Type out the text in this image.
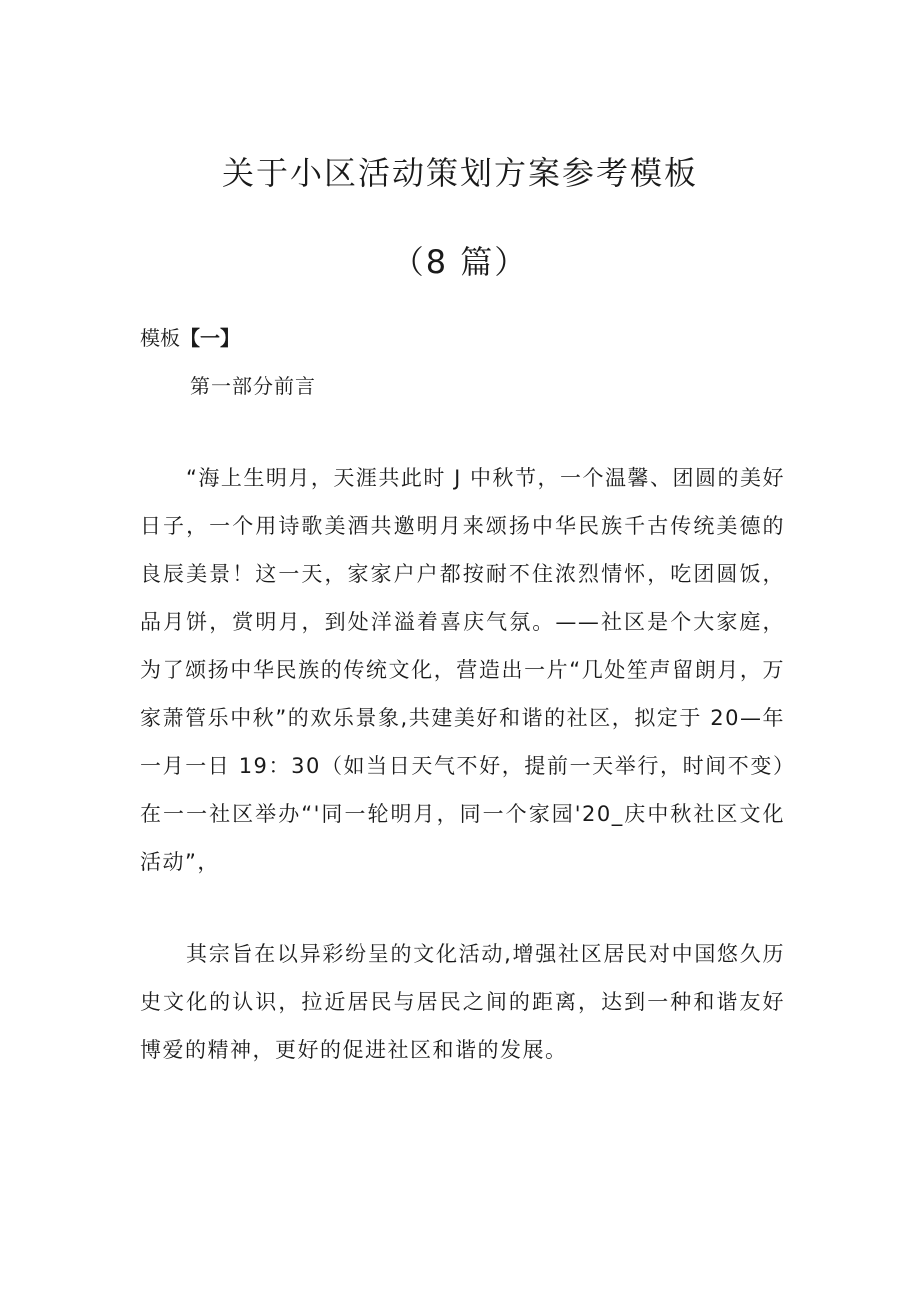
关于小区活动策划方案参考模板
（8 篇）

模板【一】

第一部分前言

“海上生明月，天涯共此时 J 中秋节，一个温馨、团圆的美好日子，一个用诗歌美酒共邀明月来颂扬中华民族千古传统美德的良辰美景！这一天，家家户户都按耐不住浓烈情怀，吃团圆饭，品月饼，赏明月，到处洋溢着喜庆气氛。——社区是个大家庭，为了颂扬中华民族的传统文化，营造出一片“几处笙声留朗月，万家萧管乐中秋”的欢乐景象,共建美好和谐的社区，拟定于 20—年一月一日 19：30（如当日天气不好，提前一天举行，时间不变）在一一社区举办“'同一轮明月，同一个家园'20_庆中秋社区文化活动”，

其宗旨在以异彩纷呈的文化活动,增强社区居民对中国悠久历史文化的认识，拉近居民与居民之间的距离，达到一种和谐友好博爱的精神，更好的促进社区和谐的发展。
